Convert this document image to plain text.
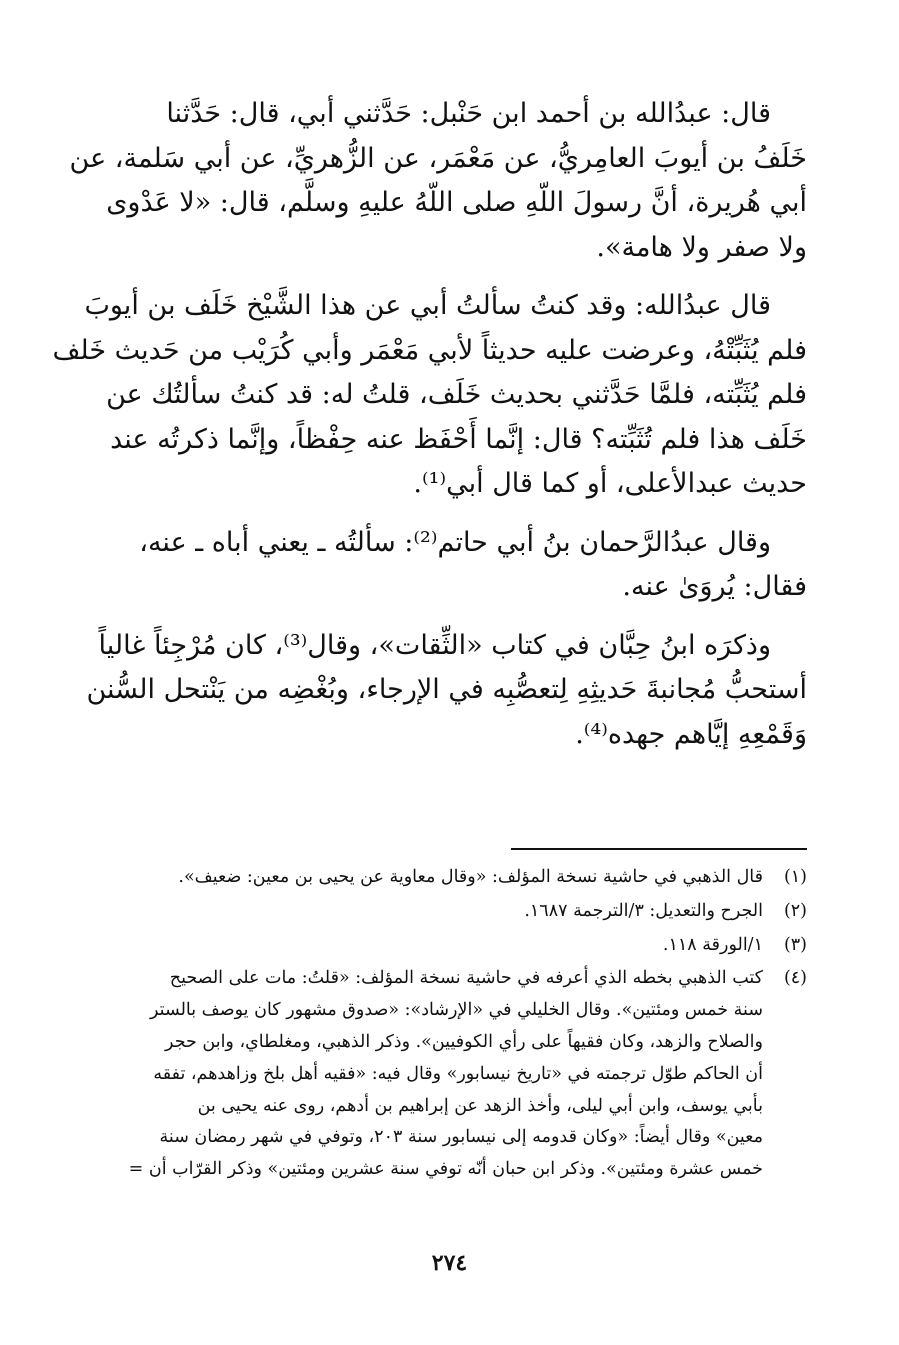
قال: عبدُالله بن أحمد ابن حَنْبل: حَدَّثني أبي، قال: حَدَّثنا
خَلَفُ بن أيوبَ العامِريُّ، عن مَعْمَر، عن الزُّهريِّ، عن أبي سَلمة، عن
أبي هُريرة، أنَّ رسولَ اللّهِ صلى اللّهُ عليهِ وسلَّم، قال: «لا عَدْوى
ولا صفر ولا هامة».

قال عبدُالله: وقد كنتُ سألتُ أبي عن هذا الشَّيْخ خَلَف بن أيوبَ
فلم يُثَبِّتْهُ، وعرضت عليه حديثاً لأبي مَعْمَر وأبي كُرَيْب من حَديث خَلف
فلم يُثَبِّته، فلمَّا حَدَّثني بحديث خَلَف، قلتُ له: قد كنتُ سألتُك عن
خَلَف هذا فلم تُثَبِّته؟ قال: إنَّما أَحْفَظ عنه حِفْظاً، وإنَّما ذكرتُه عند
حديث عبدالأعلى، أو كما قال أبي⁽¹⁾.

وقال عبدُالرَّحمان بنُ أبي حاتم⁽²⁾: سألتُه ـ يعني أباه ـ عنه،
فقال: يُروَىٰ عنه.

وذكرَه ابنُ حِبَّان في كتاب «الثِّقات»، وقال⁽³⁾، كان مُرْجِئاً غالياً
أستحبُّ مُجانبةَ حَديثِهِ لِتعصُّبِه في الإرجاء، وبُغْضِه من يَنْتحل السُّنن
وَقَمْعِهِ إيَّاهم جهده⁽⁴⁾.

(١)
قال الذهبي في حاشية نسخة المؤلف: «وقال معاوية عن يحيى بن معين: ضعيف».
(٢)
الجرح والتعديل: ٣/الترجمة ١٦٨٧.
(٣)
١/الورقة ١١٨.
(٤)
كتب الذهبي بخطه الذي أعرفه في حاشية نسخة المؤلف: «قلتُ: مات على الصحيح
سنة خمس ومئتين». وقال الخليلي في «الإرشاد»: «صدوق مشهور كان يوصف بالستر
والصلاح والزهد، وكان فقيهاً على رأي الكوفيين». وذكر الذهبي، ومغلطاي، وابن حجر
أن الحاكم طوّل ترجمته في «تاريخ نيسابور» وقال فيه: «فقيه أهل بلخ وزاهدهم، تفقه
بأبي يوسف، وابن أبي ليلى، وأخذ الزهد عن إبراهيم بن أدهم، روى عنه يحيى بن
معين» وقال أيضاً: «وكان قدومه إلى نيسابور سنة ٢٠٣، وتوفي في شهر رمضان سنة
خمس عشرة ومئتين». وذكر ابن حبان أنّه توفي سنة عشرين ومئتين» وذكر القرّاب أن =
٢٧٤
